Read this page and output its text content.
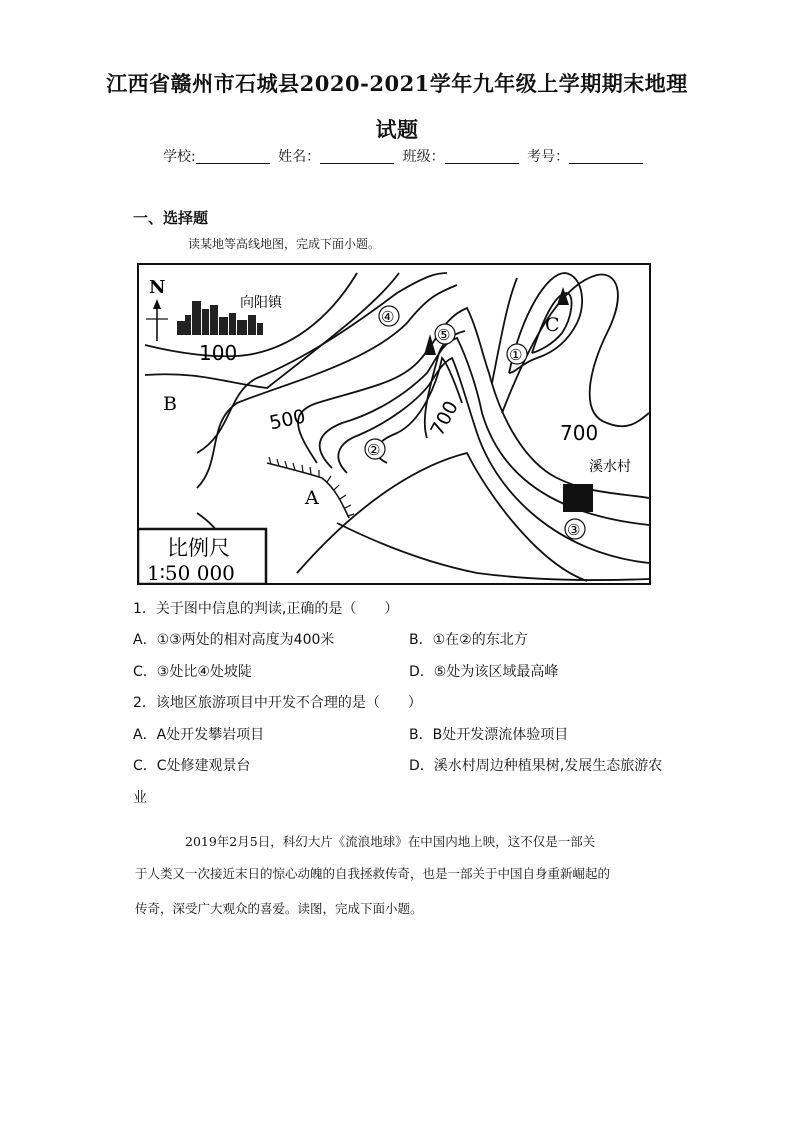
江西省赣州市石城县2020-2021学年九年级上学期期末地理
试题
学校:	姓名：	班级：	考号：
一、选择题
读某地等高线地图，完成下面小题。
N
向阳镇
100
500	700	700
B
A
C
④
⑤
①
②
③
溪水村
比例尺
1∶50 000
1．关于图中信息的判读,正确的是（　　）
A．①③两处的相对高度为400米	B．①在②的东北方
C．③处比④处坡陡	D．⑤处为该区域最高峰
2．该地区旅游项目中开发不合理的是（　　）
A．A处开发攀岩项目	B．B处开发漂流体验项目
C．C处修建观景台	D．溪水村周边种植果树,发展生态旅游农
业
2019年2月5日，科幻大片《流浪地球》在中国内地上映，这不仅是一部关
于人类又一次接近末日的惊心动魄的自我拯救传奇，也是一部关于中国自身重新崛起的
传奇，深受广大观众的喜爱。读图，完成下面小题。
